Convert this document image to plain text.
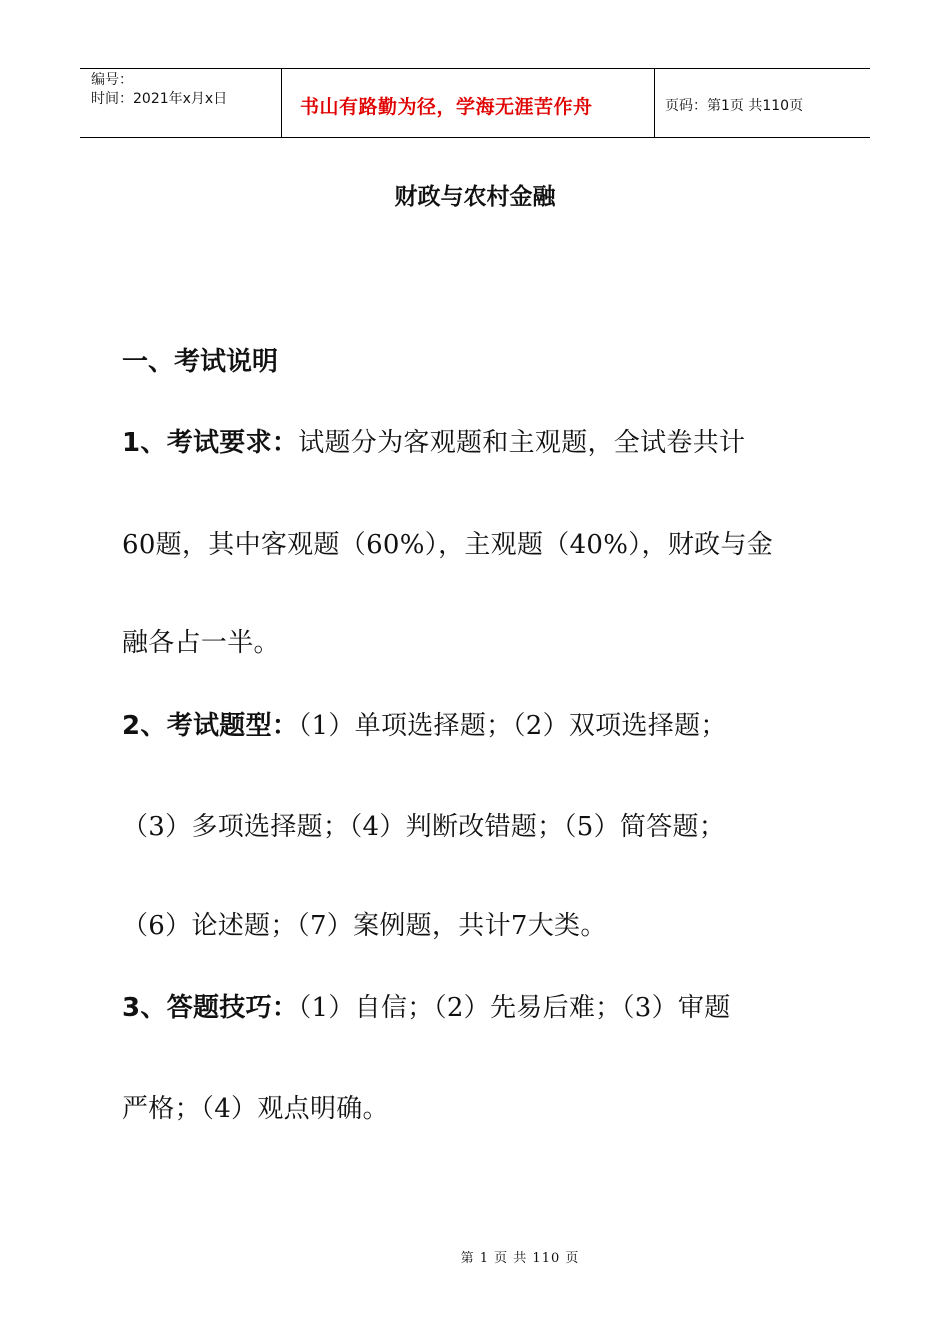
编号：
时间：2021年x月x日	书山有路勤为径，学海无涯苦作舟	页码：第1页 共110页
财政与农村金融
一、考试说明
1、考试要求：试题分为客观题和主观题，全试卷共计
60题，其中客观题（60%），主观题（40%），财政与金
融各占一半。
2、考试题型：（1）单项选择题；（2）双项选择题；
（3）多项选择题；（4）判断改错题；（5）简答题；
（6）论述题；（7）案例题，共计7大类。
3、答题技巧：（1）自信；（2）先易后难；（3）审题
严格；（4）观点明确。
第 1 页 共 110 页
